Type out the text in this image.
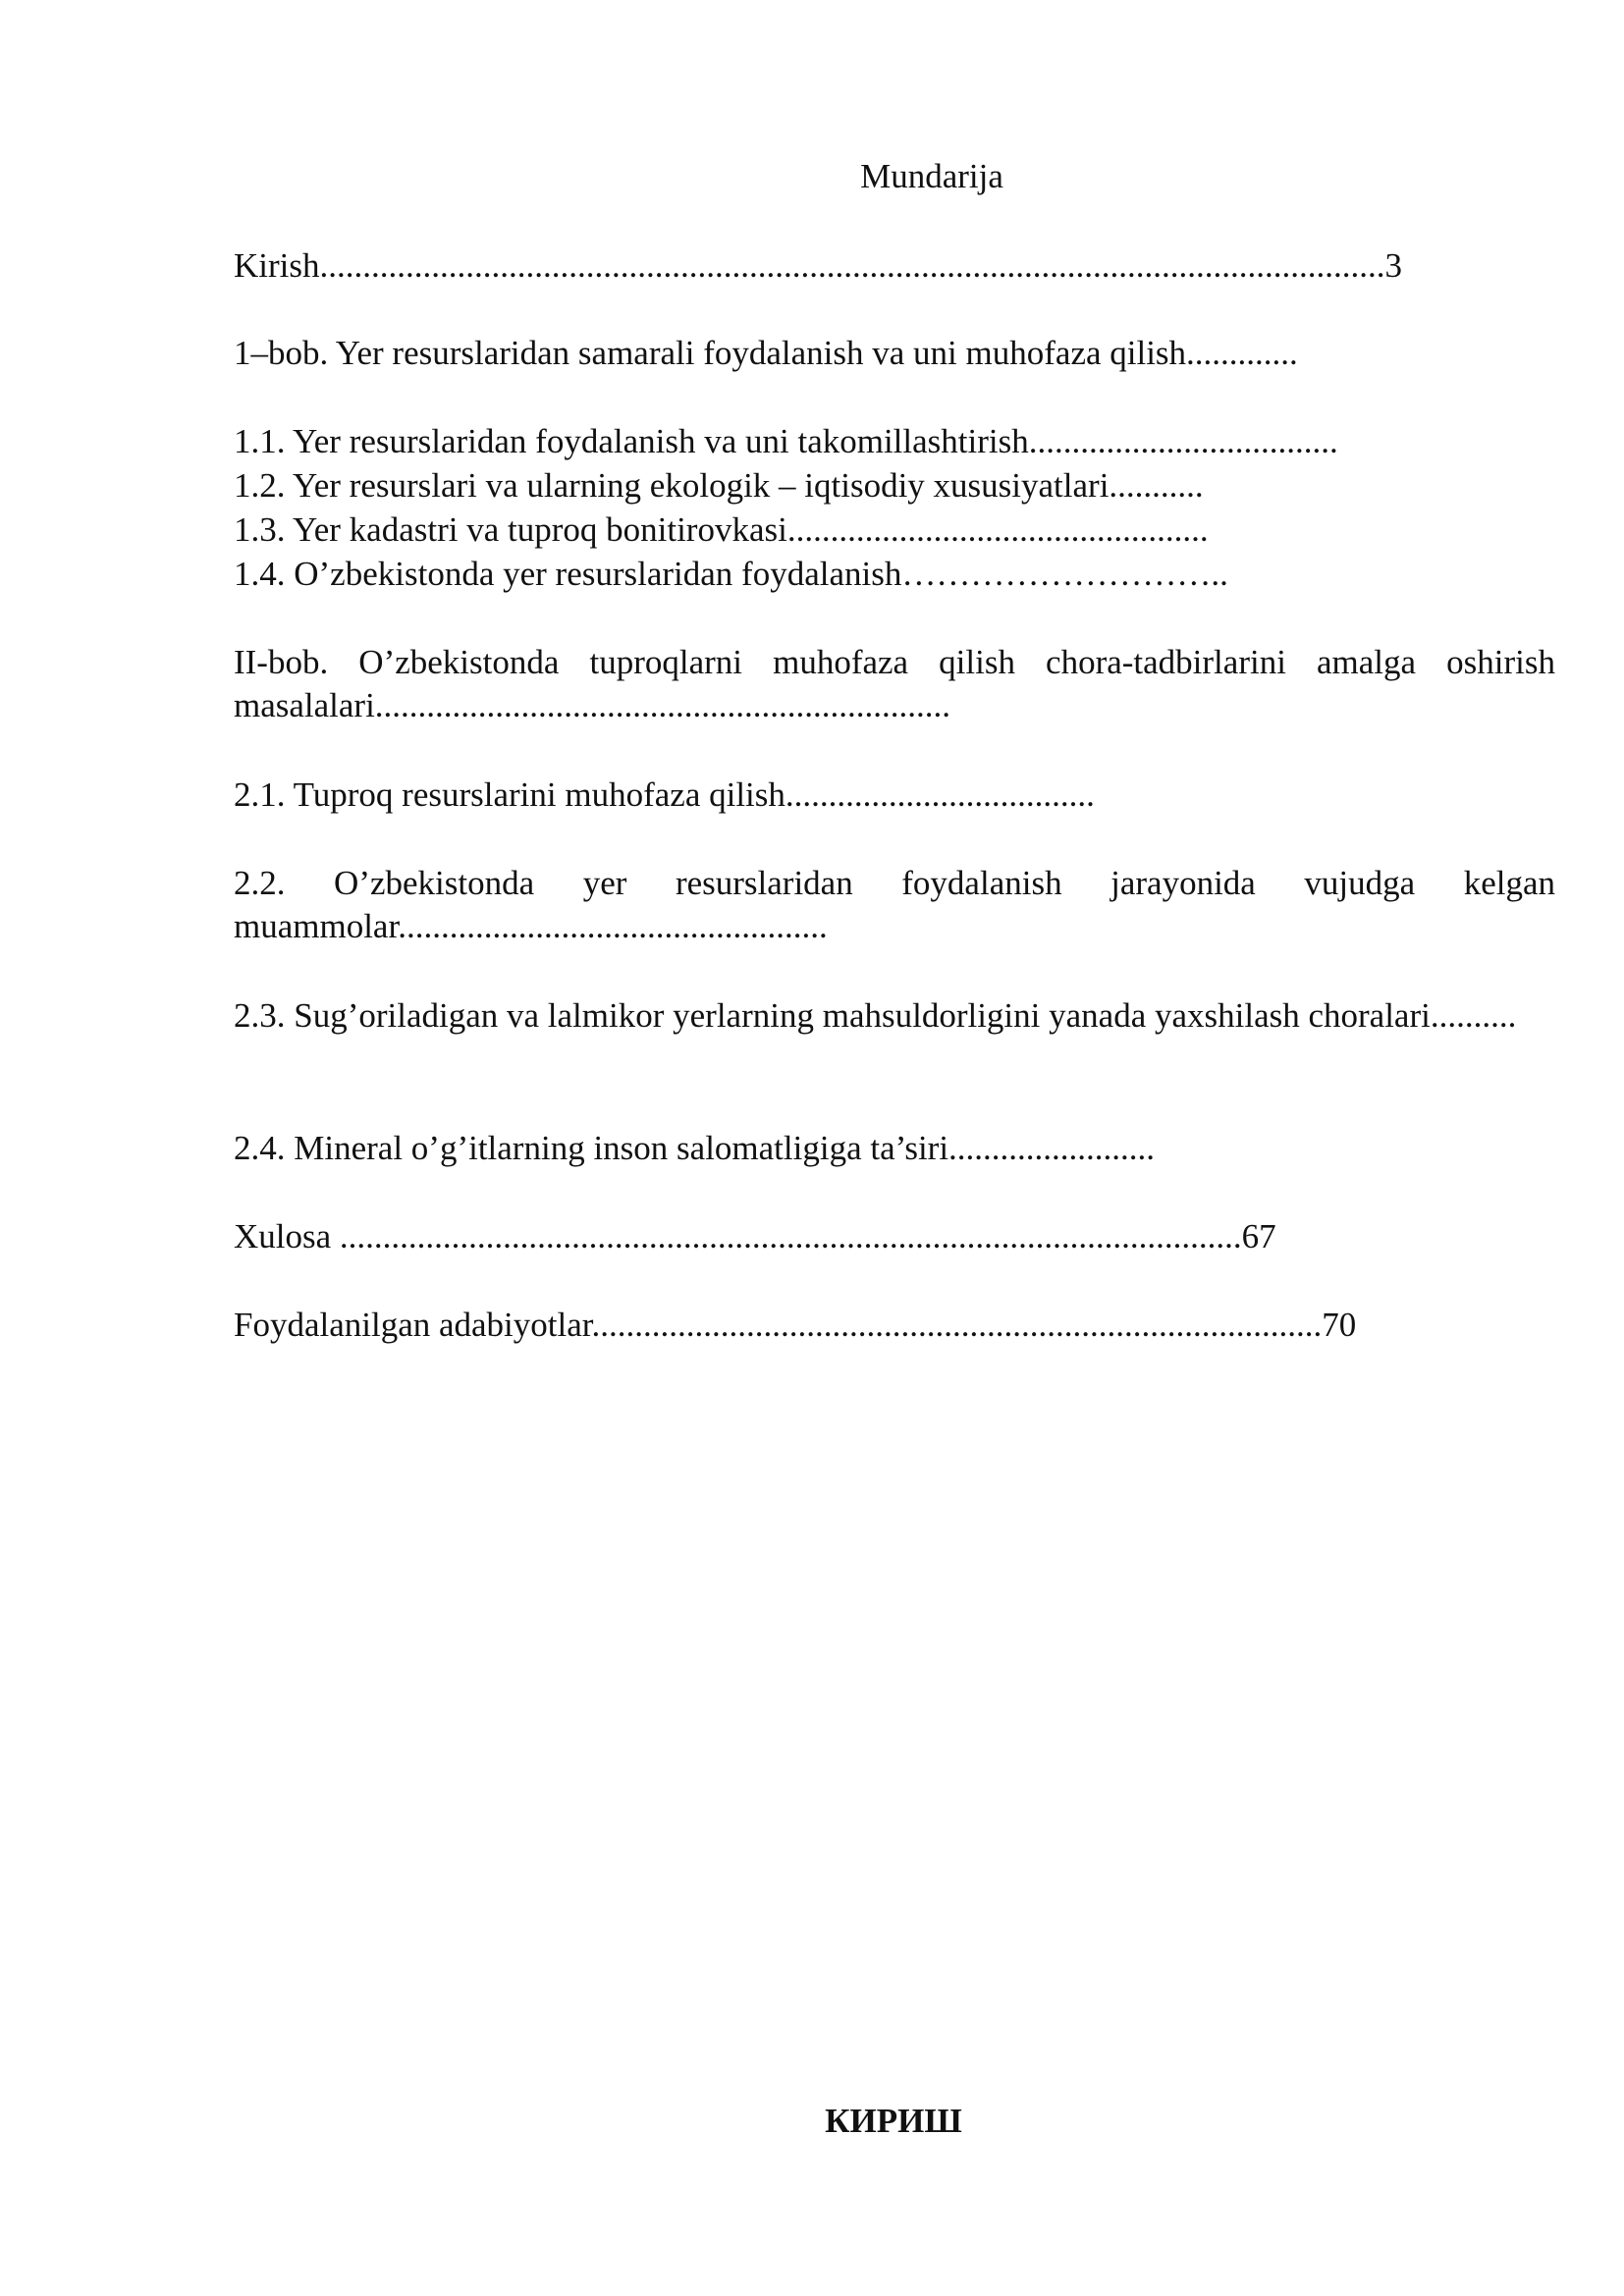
Mundarija
Kirish............................................................................................................................3
1–bob. Yer resurslaridan samarali foydalanish va uni muhofaza qilish.............
1.1. Yer resurslaridan foydalanish va uni takomillashtirish....................................
1.2. Yer resurslari va ularning ekologik – iqtisodiy xususiyatlari...........
1.3. Yer kadastri va tuproq bonitirovkasi.................................................
1.4. O’zbekistonda yer resurslaridan foydalanish………………………..
II-bob. O’zbekistonda tuproqlarni muhofaza qilish chora-tadbirlarini amalga oshirish masalalari...................................................................
2.1. Tuproq resurslarini muhofaza qilish....................................
2.2. O’zbekistonda yer resurslaridan foydalanish jarayonida vujudga kelgan muammolar..................................................
2.3. Sug’oriladigan va lalmikor yerlarning mahsuldorligini yanada yaxshilash choralari..........
2.4. Mineral o’g’itlarning inson salomatligiga ta’siri........................
Xulosa .........................................................................................................67
Foydalanilgan adabiyotlar.....................................................................................70
КИРИШ
